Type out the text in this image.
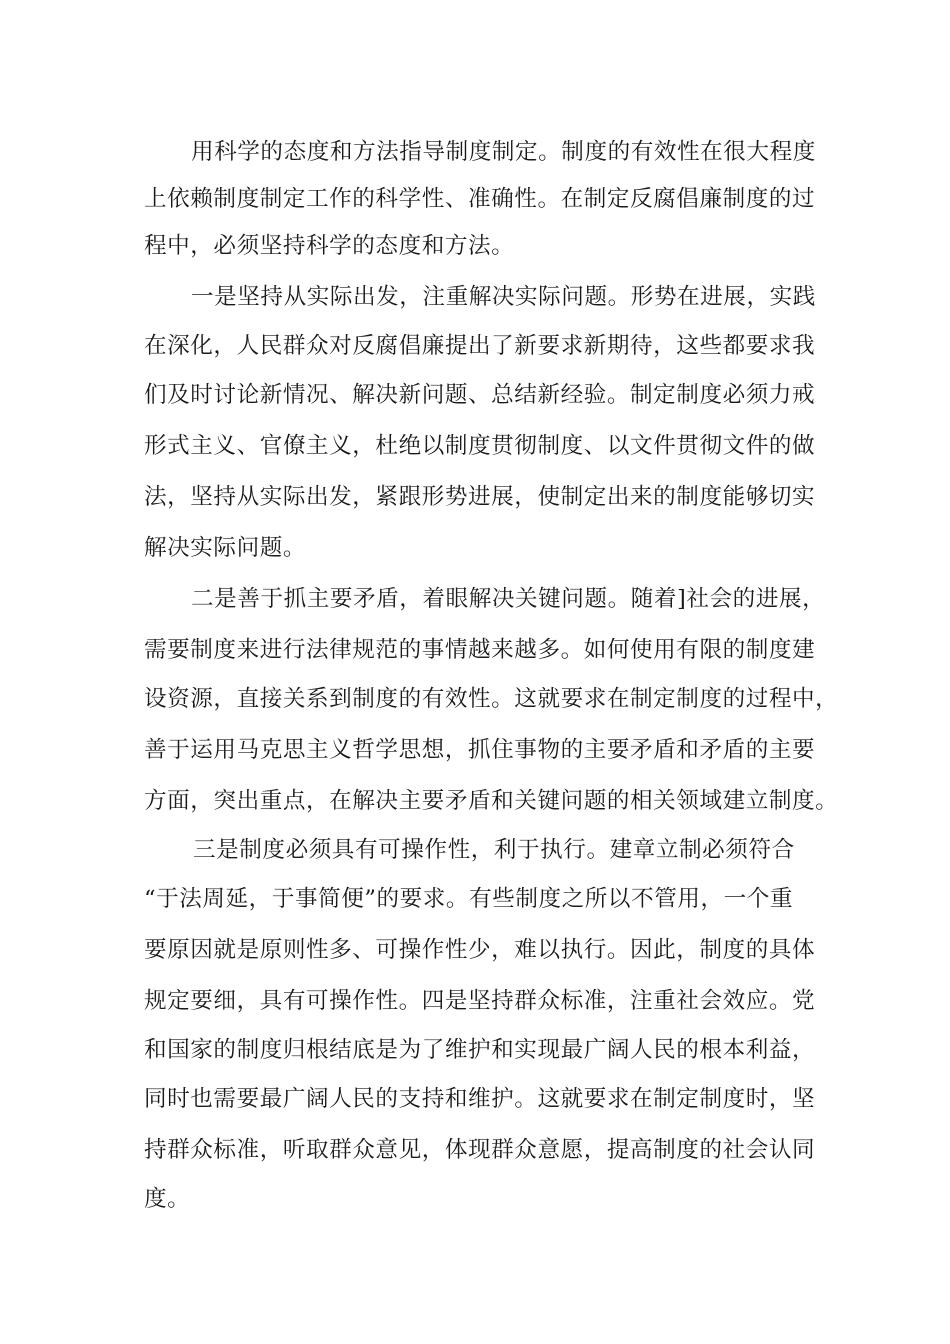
用科学的态度和方法指导制度制定。制度的有效性在很大程度
上依赖制度制定工作的科学性、准确性。在制定反腐倡廉制度的过
程中，必须坚持科学的态度和方法。
一是坚持从实际出发，注重解决实际问题。形势在进展，实践
在深化，人民群众对反腐倡廉提出了新要求新期待，这些都要求我
们及时讨论新情况、解决新问题、总结新经验。制定制度必须力戒
形式主义、官僚主义，杜绝以制度贯彻制度、以文件贯彻文件的做
法，坚持从实际出发，紧跟形势进展，使制定出来的制度能够切实
解决实际问题。
二是善于抓主要矛盾，着眼解决关键问题。随着]社会的进展，
需要制度来进行法律规范的事情越来越多。如何使用有限的制度建
设资源，直接关系到制度的有效性。这就要求在制定制度的过程中，
善于运用马克思主义哲学思想，抓住事物的主要矛盾和矛盾的主要
方面，突出重点，在解决主要矛盾和关键问题的相关领域建立制度。
三是制度必须具有可操作性，利于执行。建章立制必须符合
“于法周延，于事简便”的要求。有些制度之所以不管用，一个重
要原因就是原则性多、可操作性少，难以执行。因此，制度的具体
规定要细，具有可操作性。四是坚持群众标准，注重社会效应。党
和国家的制度归根结底是为了维护和实现最广阔人民的根本利益，
同时也需要最广阔人民的支持和维护。这就要求在制定制度时，坚
持群众标准，听取群众意见，体现群众意愿，提高制度的社会认同
度。
